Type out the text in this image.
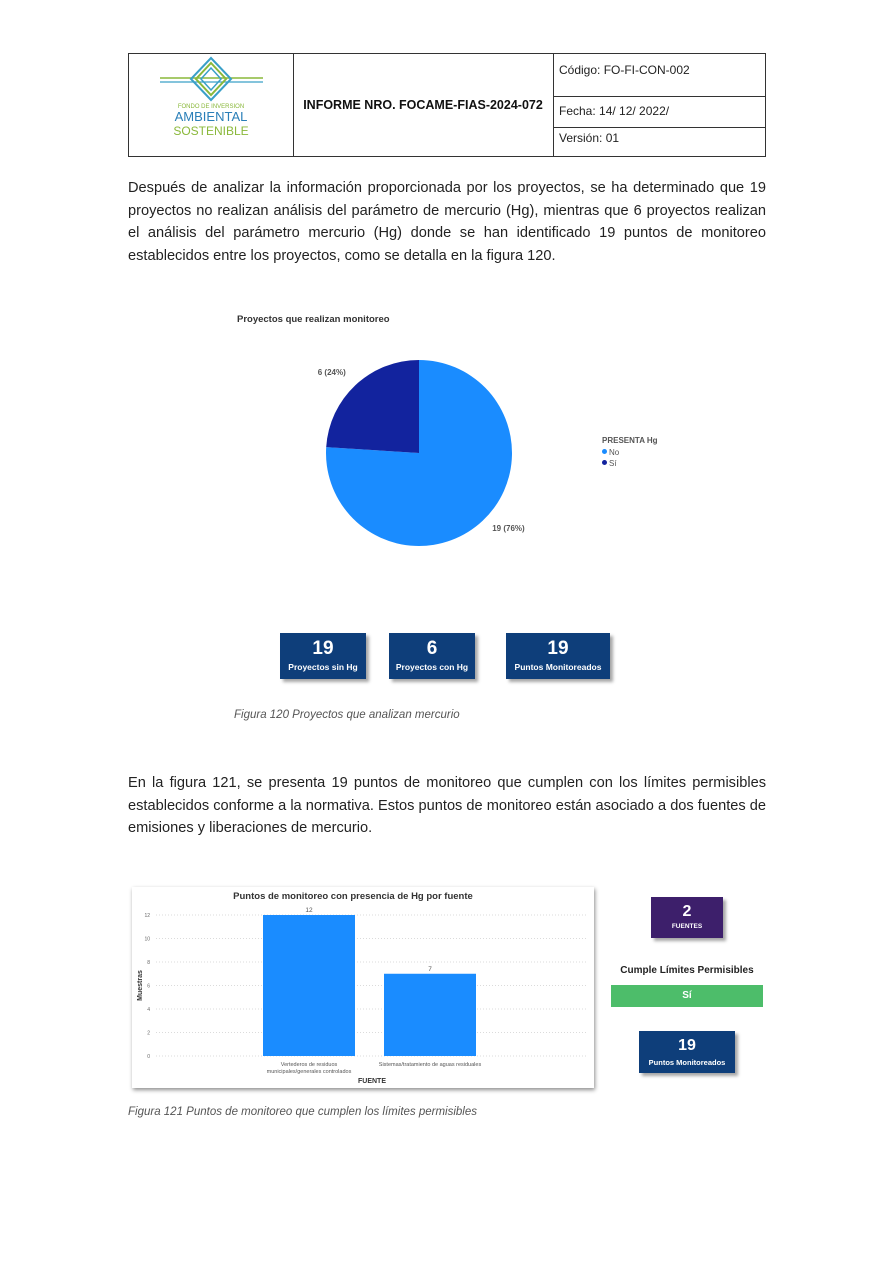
FONDO DE INVERSION
AMBIENTAL
SOSTENIBLE
INFORME NRO. FOCAME-FIAS-2024-072
Código: FO-FI-CON-002
Fecha: 14/ 12/ 2022/
Versión: 01
Después de analizar la información proporcionada por los proyectos, se ha determinado que 19 proyectos no realizan análisis del parámetro de mercurio (Hg), mientras que 6 proyectos realizan el análisis del parámetro mercurio (Hg) donde se han identificado 19 puntos de monitoreo establecidos entre los proyectos, como se detalla en la figura 120.
Proyectos que realizan monitoreo
19 (76%)
6 (24%)
PRESENTA Hg
No
Sí
19
Proyectos sin Hg
6
Proyectos con Hg
19
Puntos Monitoreados
Figura 120 Proyectos que analizan mercurio
En la figura 121, se presenta 19 puntos de monitoreo que cumplen con los límites permisibles establecidos conforme a la normativa. Estos puntos de monitoreo están asociado a dos fuentes de emisiones y liberaciones de mercurio.
Puntos de monitoreo con presencia de Hg por fuente
0
2
4
6
8
10
12
Muestras
12
Vertederos de residuos
municipales/generales controlados
7
Sistemas/tratamiento de aguas residuales
FUENTE
2
FUENTES
Cumple Límites Permisibles
Sí
19
Puntos Monitoreados
Figura 121 Puntos de monitoreo que cumplen los límites permisibles
